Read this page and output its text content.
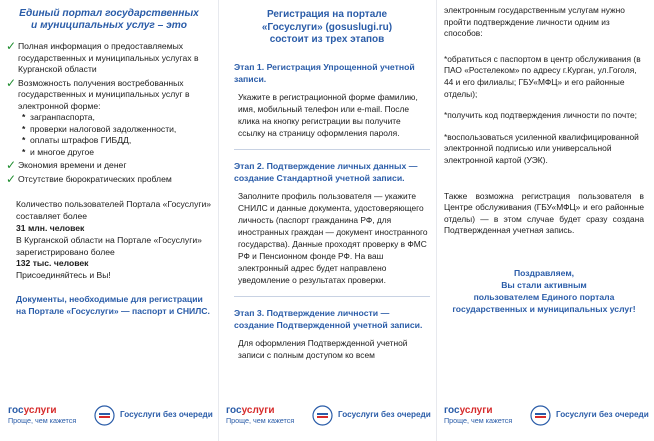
Единый портал государственных
и муниципальных услуг – это
✓ Полная информация о предоставляемых государственных и муниципальных услугах в Курганской области
✓ Возможность получения востребованных государственных и муниципальных услуг в электронной форме:
* загранпаспорта,
* проверки налоговой задолженности,
* оплаты штрафов ГИБДД,
* и многое другое
✓ Экономия времени и денег
✓ Отсутствие бюрократических проблем
Количество пользователей Портала «Госуслуги» составляет более
31 млн. человек
В Курганской области на Портале «Госуслуги» зарегистрировано более
132 тыс. человек
Присоединяйтесь и Вы!
Документы, необходимые для регистрации на Портале «Госуслуги» — паспорт и СНИЛС.
Регистрация на портале
«Госуслуги» (gosuslugi.ru)
состоит из трех этапов
Этап 1. Регистрация Упрощенной учетной записи.
Укажите в регистрационной форме фамилию, имя, мобильный телефон или e-mail. После клика на кнопку регистрации вы получите ссылку на страницу оформления пароля.
Этап 2. Подтверждение личных данных — создание Стандартной учетной записи.
Заполните профиль пользователя — укажите СНИЛС и данные документа, удостоверяющего личность (паспорт гражданина РФ, для иностранных граждан — документ иностранного государства). Данные проходят проверку в ФМС РФ и Пенсионном фонде РФ. На ваш электронный адрес будет направлено уведомление о результатах проверки.
Этап 3. Подтверждение личности — создание Подтвержденной учетной записи.
Для оформления Подтвержденной учетной записи с полным доступом ко всем
электронным государственным услугам нужно пройти подтверждение личности одним из способов:
*обратиться с паспортом в центр обслуживания (в ПАО «Ростелеком» по адресу г.Курган, ул.Гоголя, 44 и его филиалы; ГБУ«МФЦ» и его районные отделы);
*получить код подтверждения личности по почте;
*воспользоваться усиленной квалифицированной электронной подписью или универсальной электронной картой (УЭК).
Также возможна регистрация пользователя в Центре обслуживания (ГБУ«МФЦ» и его районные отделы) — в этом случае будет сразу создана Подтвержденная учетная запись.
Поздравляем,
Вы стали активным
пользователем Единого портала
государственных и муниципальных услуг!
госуслуги
Проще, чем кажется
Госуслуги без очереди госуслуги
Проще, чем кажется
Госуслуги без очереди госуслуги
Проще, чем кажется
Госуслуги без очереди
